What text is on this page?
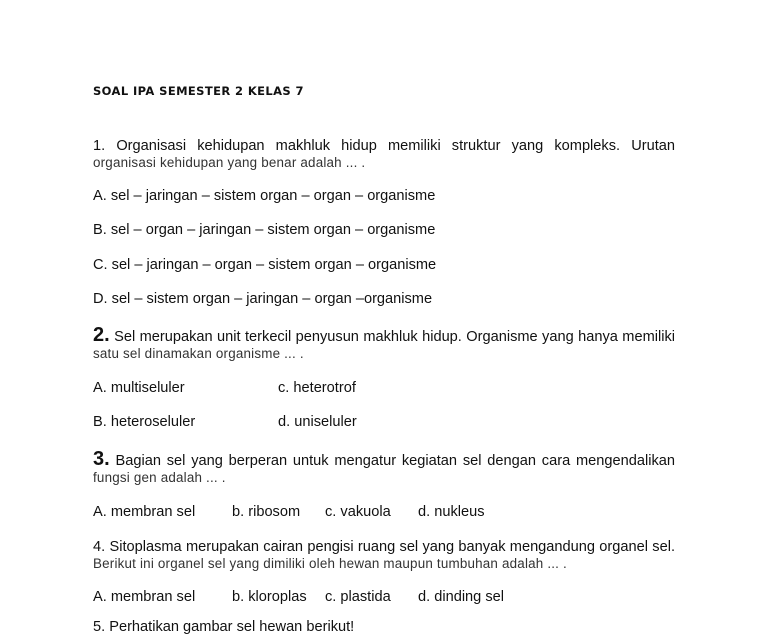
SOAL IPA SEMESTER 2 KELAS 7
1. Organisasi kehidupan makhluk hidup memiliki struktur yang kompleks. Urutan
organisasi kehidupan yang benar adalah ... .
A. sel – jaringan – sistem organ – organ – organisme
B. sel – organ – jaringan – sistem organ – organisme
C. sel – jaringan – organ – sistem organ – organisme
D. sel – sistem organ – jaringan – organ –organisme
2. Sel merupakan unit terkecil penyusun makhluk hidup. Organisme yang hanya memiliki
satu sel dinamakan organisme ... .
A. multiseluler	c. heterotrof
B. heteroseluler	d. uniseluler
3. Bagian sel yang berperan untuk mengatur kegiatan sel dengan cara mengendalikan
fungsi gen adalah ... .
A. membran sel	b. ribosom c. vakuola d. nukleus
4. Sitoplasma merupakan cairan pengisi ruang sel yang banyak mengandung organel sel.
Berikut ini organel sel yang dimiliki oleh hewan maupun tumbuhan adalah ... .
A. membran sel	b. kloroplas c. plastida d. dinding sel
5. Perhatikan gambar sel hewan berikut!
